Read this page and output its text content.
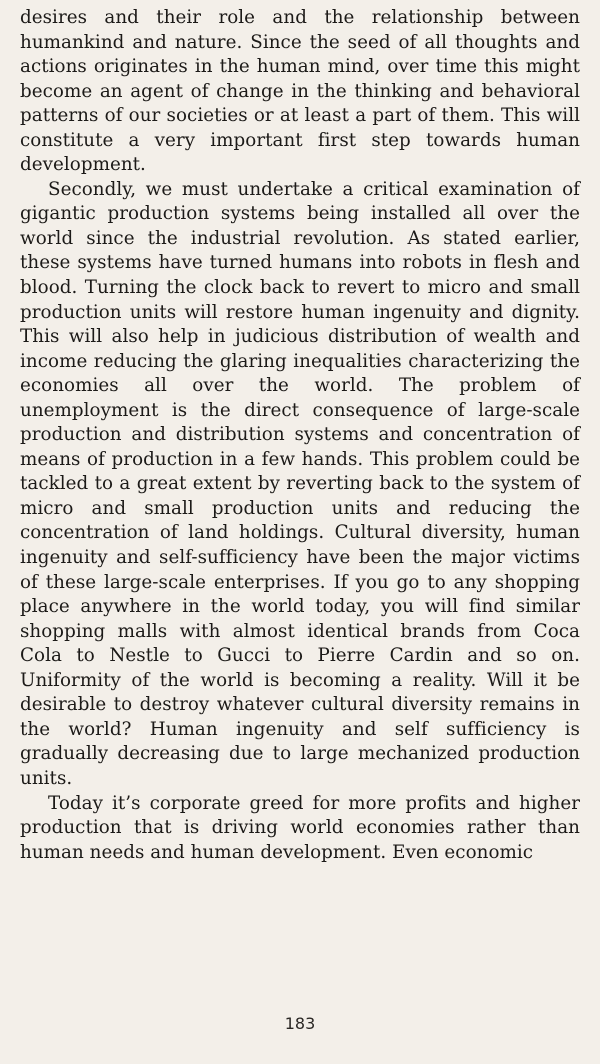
desires and their role and the relationship between humankind and nature. Since the seed of all thoughts and actions originates in the human mind, over time this might become an agent of change in the thinking and behavioral patterns of our societies or at least a part of them. This will constitute a very important first step towards human development.

Secondly, we must undertake a critical examination of gigantic production systems being installed all over the world since the industrial revolution. As stated earlier, these systems have turned humans into robots in flesh and blood. Turning the clock back to revert to micro and small production units will restore human ingenuity and dignity. This will also help in judicious distribution of wealth and income reducing the glaring inequalities characterizing the economies all over the world. The problem of unemployment is the direct consequence of large-scale production and distribution systems and concentration of means of production in a few hands. This problem could be tackled to a great extent by reverting back to the system of micro and small production units and reducing the concentration of land holdings. Cultural diversity, human ingenuity and self-sufficiency have been the major victims of these large-scale enterprises. If you go to any shopping place anywhere in the world today, you will find similar shopping malls with almost identical brands from Coca Cola to Nestle to Gucci to Pierre Cardin and so on. Uniformity of the world is becoming a reality. Will it be desirable to destroy whatever cultural diversity remains in the world? Human ingenuity and self sufficiency is gradually decreasing due to large mechanized production units.

Today it’s corporate greed for more profits and higher production that is driving world economies rather than human needs and human development. Even economic

183
